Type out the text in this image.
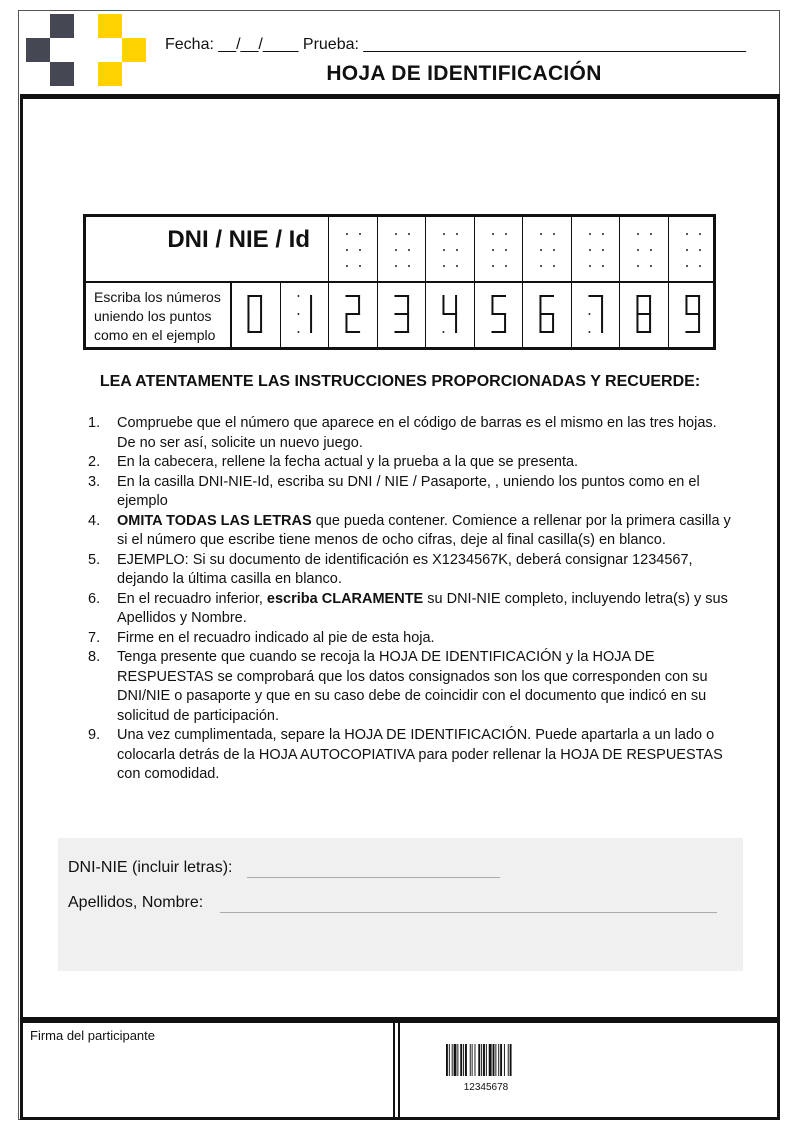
Fecha: __/__/____ Prueba: ___________________________________________
HOJA DE IDENTIFICACIÓN
DNI / NIE / Id
Escriba los números
uniendo los puntos
como en el ejemplo
LEA ATENTAMENTE LAS INSTRUCCIONES PROPORCIONADAS Y RECUERDE:
1.	Compruebe que el número que aparece en el código de barras es el mismo en las tres hojas. De no ser así, solicite un nuevo juego.
2.	En la cabecera, rellene la fecha actual y la prueba a la que se presenta.
3.	En la casilla DNI-NIE-Id, escriba su DNI / NIE / Pasaporte, , uniendo los puntos como en el ejemplo
4.	OMITA TODAS LAS LETRAS que pueda contener. Comience a rellenar por la primera casilla y si el número que escribe tiene menos de ocho cifras, deje al final casilla(s) en blanco.
5.	EJEMPLO: Si su documento de identificación es X1234567K, deberá consignar 1234567, dejando la última casilla en blanco.
6.	En el recuadro inferior, escriba CLARAMENTE su DNI-NIE completo, incluyendo letra(s) y sus Apellidos y Nombre.
7.	Firme en el recuadro indicado al pie de esta hoja.
8.	Tenga presente que cuando se recoja la HOJA DE IDENTIFICACIÓN y la HOJA DE RESPUESTAS se comprobará que los datos consignados son los que corresponden con su DNI/NIE o pasaporte y que en su caso debe de coincidir con el documento que indicó en su solicitud de participación.
9.	Una vez cumplimentada, separe la HOJA DE IDENTIFICACIÓN. Puede apartarla a un lado o colocarla detrás de la HOJA AUTOCOPIATIVA para poder rellenar la HOJA DE RESPUESTAS con comodidad.
DNI-NIE (incluir letras):
Apellidos, Nombre:
Firma del participante
12345678
